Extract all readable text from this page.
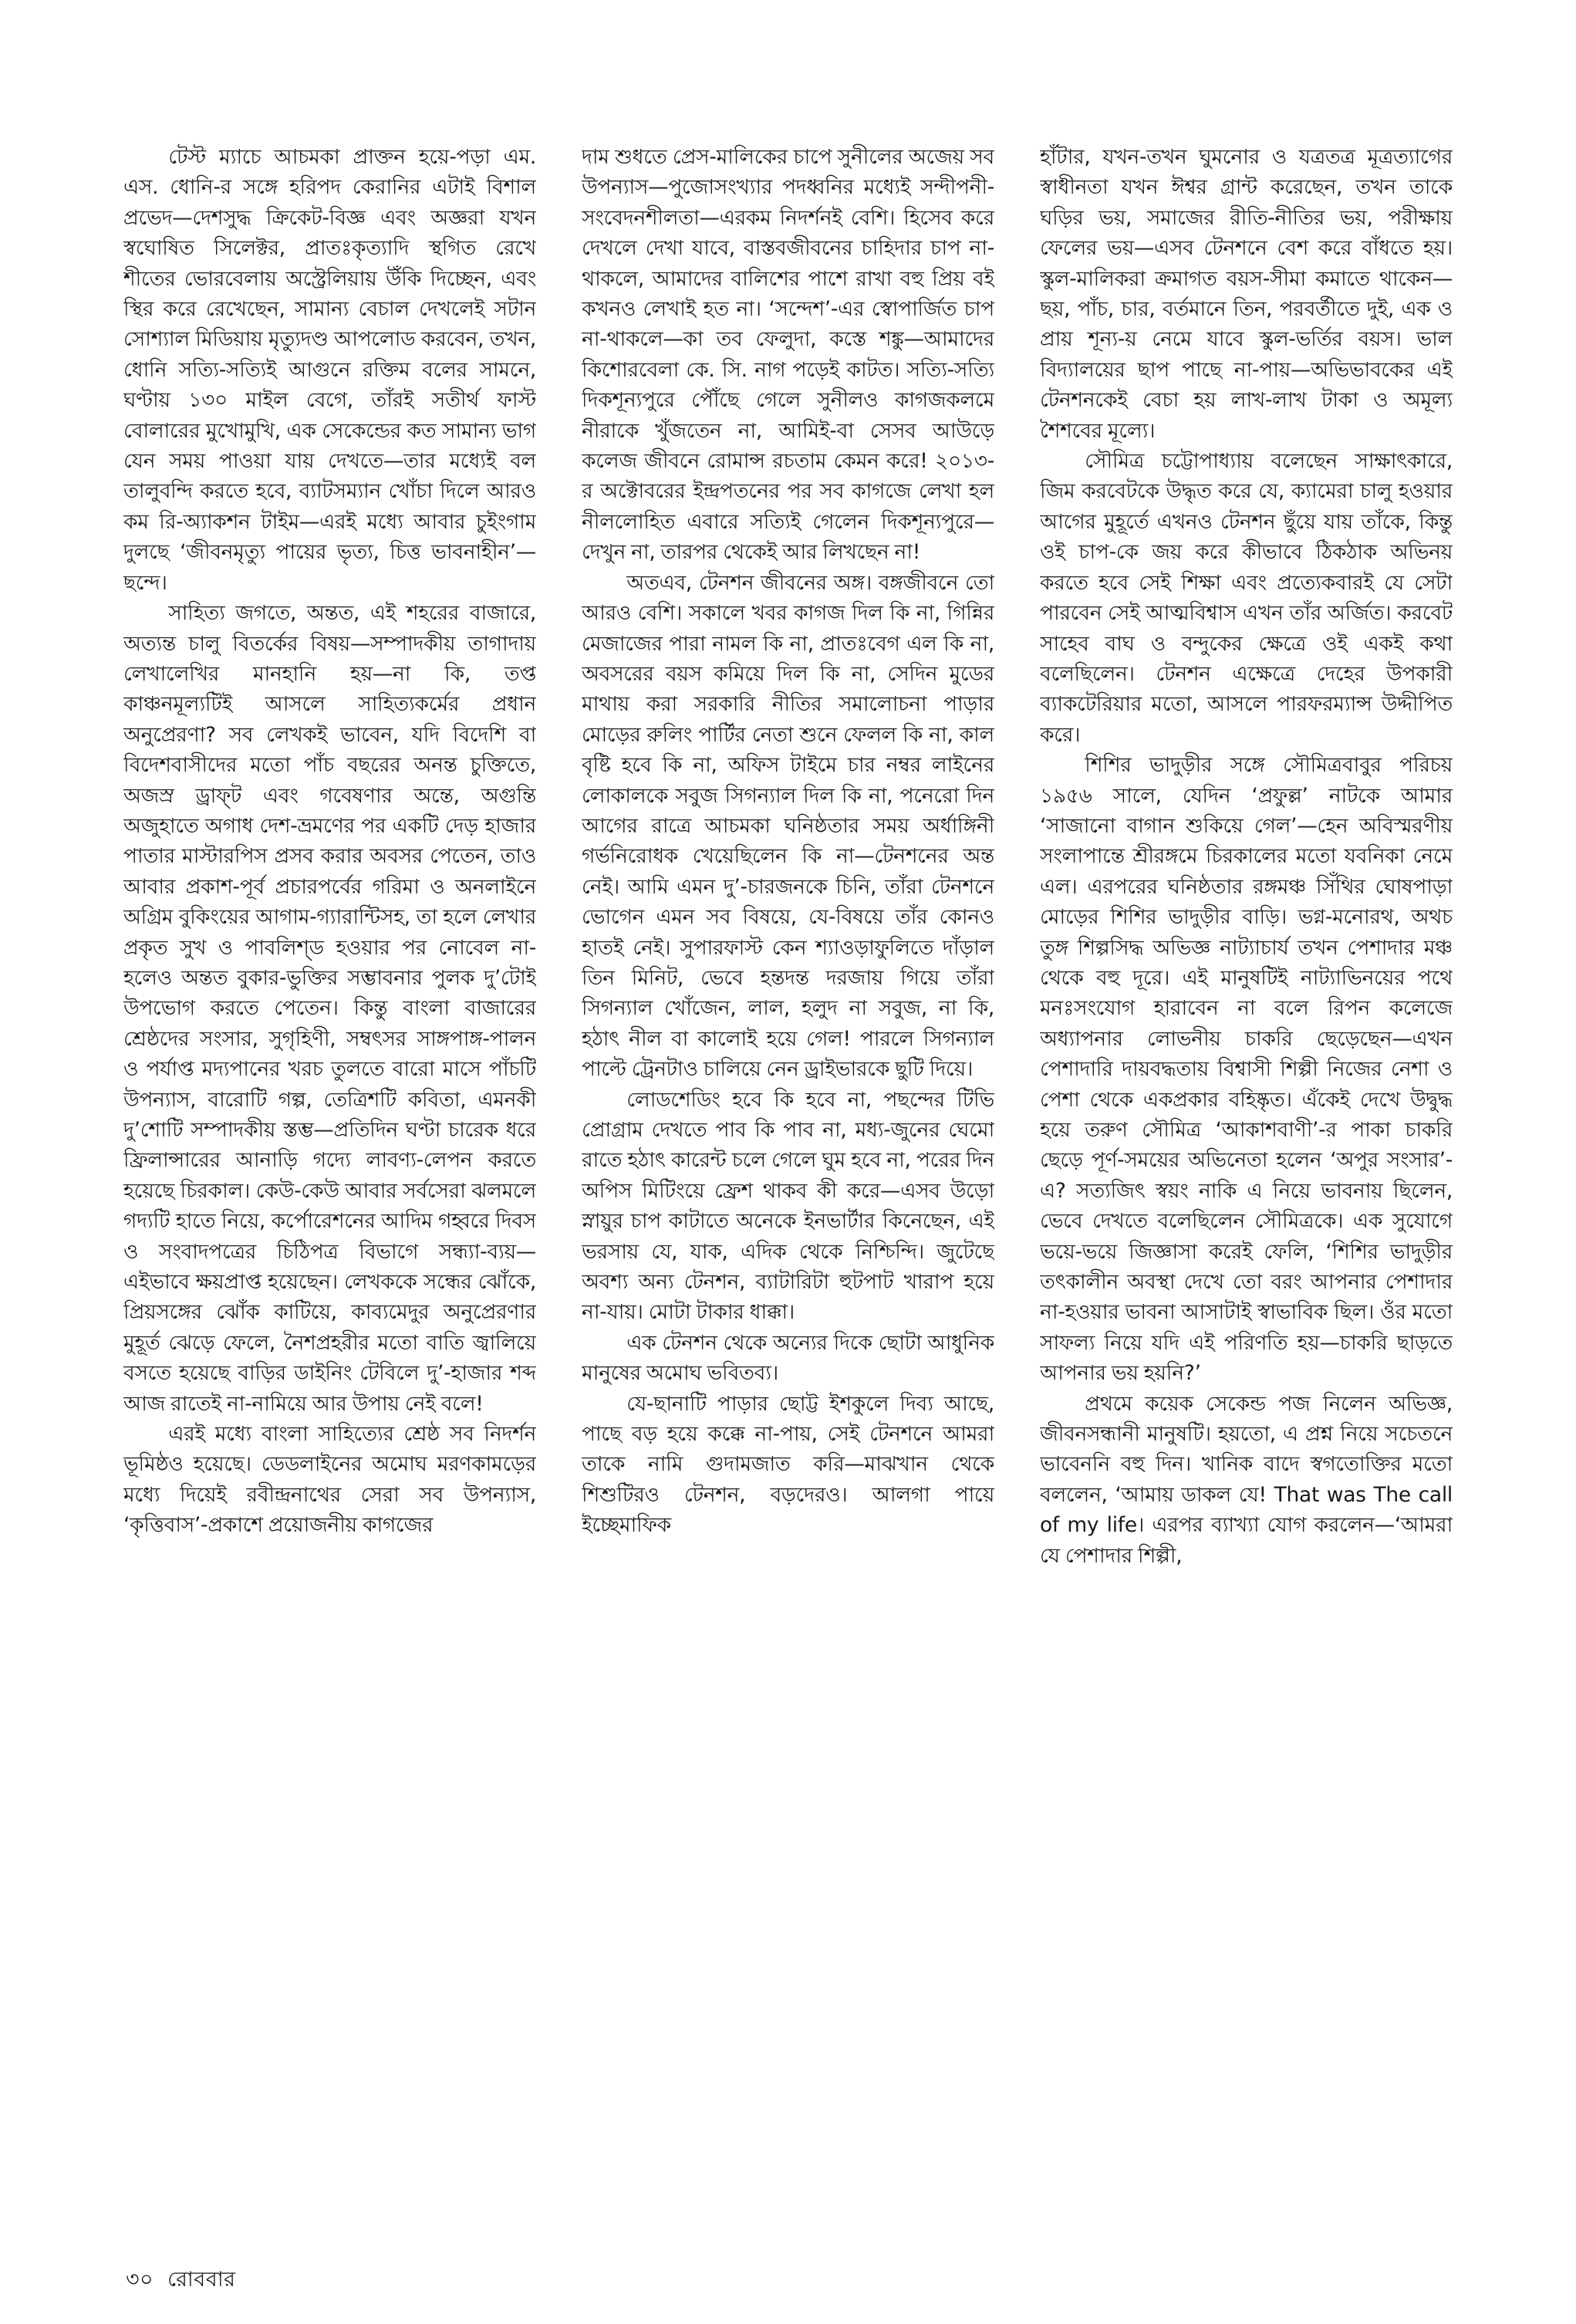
টেস্ট ম্যাচে আচমকা প্রাক্তন হয়ে-পড়া এম. এস. ধোনি-র সঙ্গে হরিপদ কেরানির এটাই বিশাল প্রভেদ—দেশসুদ্ধ ক্রিকেট-বিজ্ঞ এবং অজ্ঞরা যখন স্বঘোষিত সিলেক্টর, প্রাতঃকৃত্যাদি স্থগিত রেখে শীতের ভোরবেলায় অস্ট্রেলিয়ায় উঁকি দিচ্ছেন, এবং স্থির করে রেখেছেন, সামান্য বেচাল দেখলেই সটান সোশ্যাল মিডিয়ায় মৃত্যুদণ্ড আপলোড করবেন, তখন, ধোনি সত্যি-সত্যিই আগুনে রক্তিম বলের সামনে, ঘণ্টায় ১৩০ মাইল বেগে, তাঁরই সতীর্থ ফাস্ট বোলারের মুখোমুখি, এক সেকেন্ডের কত সামান্য ভাগ যেন সময় পাওয়া যায় দেখতে—তার মধ্যেই বল তালুবন্দি করতে হবে, ব্যাটসম্যান খোঁচা দিলে আরও কম রি-অ্যাকশন টাইম—এরই মধ্যে আবার চুইংগাম দুলছে ‘জীবনমৃত্যু পায়ের ভৃত্য, চিত্ত ভাবনাহীন’—ছন্দে।

সাহিত্য জগতে, অন্তত, এই শহরের বাজারে, অত্যন্ত চালু বিতর্কের বিষয়—সম্পাদকীয় তাগাদায় লেখালেখির মানহানি হয়—না কি, তপ্ত কাঞ্চনমূল্যটিই আসলে সাহিত্যকর্মের প্রধান অনুপ্রেরণা? সব লেখকই ভাবেন, যদি বিদেশি বা বিদেশবাসীদের মতো পাঁচ বছরের অনন্ত চুক্তিতে, অজস্র ড্রাফ্‌ট এবং গবেষণার অন্তে, অগুন্তি অজুহাতে অগাধ দেশ-ভ্রমণের পর একটি দেড় হাজার পাতার মাস্টারপিস প্রসব করার অবসর পেতেন, তাও আবার প্রকাশ-পূর্ব প্রচারপর্বের গরিমা ও অনলাইনে অগ্রিম বুকিংয়ের আগাম-গ্যারান্টিসহ, তা হলে লেখার প্রকৃত সুখ ও পাবলিশ্‌ড হওয়ার পর নোবেল না-হলেও অন্তত বুকার-ভুক্তির সম্ভাবনার পুলক দু’টোই উপভোগ করতে পেতেন। কিন্তু বাংলা বাজারের শ্রেষ্ঠদের সংসার, সুগৃহিণী, সম্বৎসর সাঙ্গপাঙ্গ-পালন ও পর্যাপ্ত মদ্যপানের খরচ তুলতে বারো মাসে পাঁচটি উপন্যাস, বারোটি গল্প, তেত্রিশটি কবিতা, এমনকী দু’শোটি সম্পাদকীয় স্তম্ভ—প্রতিদিন ঘণ্টা চারেক ধরে ফ্রিলান্সারের আনাড়ি গদ্যে লাবণ্য-লেপন করতে হয়েছে চিরকাল। কেউ-কেউ আবার সর্বসেরা ঝলমলে গদ্যটি হাতে নিয়ে, কর্পোরেশনের আদিম গহ্বরে দিবস ও সংবাদপত্রের চিঠিপত্র বিভাগে সন্ধ্যা-ব্যয়—এইভাবে ক্ষয়প্রাপ্ত হয়েছেন। লেখককে সন্ধের ঝোঁকে, প্রিয়সঙ্গের ঝোঁক কাটিয়ে, কাব্যমেদুর অনুপ্রেরণার মুহূর্ত ঝেড়ে ফেলে, নৈশপ্রহরীর মতো বাতি জ্বালিয়ে বসতে হয়েছে বাড়ির ডাইনিং টেবিলে দু’-হাজার শব্দ আজ রাতেই না-নামিয়ে আর উপায় নেই বলে!

এরই মধ্যে বাংলা সাহিত্যের শ্রেষ্ঠ সব নিদর্শন ভূমিষ্ঠও হয়েছে। ডেডলাইনের অমোঘ মরণকামড়ের মধ্যে দিয়েই রবীন্দ্রনাথের সেরা সব উপন্যাস, ‘কৃত্তিবাস’-প্রকাশে প্রয়োজনীয় কাগজের

দাম শুধতে প্রেস-মালিকের চাপে সুনীলের অজেয় সব উপন্যাস—পুজোসংখ্যার পদধ্বনির মধ্যেই সন্দীপনী-সংবেদনশীলতা—এরকম নিদর্শনই বেশি। হিসেব করে দেখলে দেখা যাবে, বাস্তবজীবনের চাহিদার চাপ না-থাকলে, আমাদের বালিশের পাশে রাখা বহু প্রিয় বই কখনও লেখাই হত না। ‘সন্দেশ’-এর স্বোপার্জিত চাপ না-থাকলে—কা তব ফেলুদা, কস্তে শঙ্কু—আমাদের কিশোরবেলা কে. সি. নাগ পড়েই কাটত। সত্যি-সত্যি দিকশূন্যপুরে পৌঁছে গেলে সুনীলও কাগজকলমে নীরাকে খুঁজতেন না, আমিই-বা সেসব আউড়ে কলেজ জীবনে রোমান্স রচতাম কেমন করে! ২০১৩-র অক্টোবরের ইন্দ্রপতনের পর সব কাগজে লেখা হল নীললোহিত এবারে সত্যিই গেলেন দিকশূন্যপুরে—দেখুন না, তারপর থেকেই আর লিখছেন না!

অতএব, টেনশন জীবনের অঙ্গ। বঙ্গজীবনে তো আরও বেশি। সকালে খবর কাগজ দিল কি না, গিন্নির মেজাজের পারা নামল কি না, প্রাতঃবেগ এল কি না, অবসরের বয়স কমিয়ে দিল কি না, সেদিন মুডের মাথায় করা সরকারি নীতির সমালোচনা পাড়ার মোড়ের রুলিং পার্টির নেতা শুনে ফেলল কি না, কাল বৃষ্টি হবে কি না, অফিস টাইমে চার নম্বর লাইনের লোকালকে সবুজ সিগন্যাল দিল কি না, পনেরো দিন আগের রাত্রে আচমকা ঘনিষ্ঠতার সময় অর্ধাঙ্গিনী গর্ভনিরোধক খেয়েছিলেন কি না—টেনশনের অন্ত নেই। আমি এমন দু’-চারজনকে চিনি, তাঁরা টেনশনে ভোগেন এমন সব বিষয়ে, যে-বিষয়ে তাঁর কোনও হাতই নেই। সুপারফাস্ট কেন শ্যাওড়াফুলিতে দাঁড়াল তিন মিনিট, ভেবে হন্তদন্ত দরজায় গিয়ে তাঁরা সিগন্যাল খোঁজেন, লাল, হলুদ না সবুজ, না কি, হঠাৎ নীল বা কালোই হয়ে গেল! পারলে সিগন্যাল পাল্টে ট্রেনটাও চালিয়ে নেন ড্রাইভারকে ছুটি দিয়ে।

লোডশেডিং হবে কি হবে না, পছন্দের টিভি প্রোগ্রাম দেখতে পাব কি পাব না, মধ্য-জুনের ঘেমো রাতে হঠাৎ কারেন্ট চলে গেলে ঘুম হবে না, পরের দিন অপিস মিটিংয়ে ফ্রেশ থাকব কী করে—এসব উড়ো স্নায়ুর চাপ কাটাতে অনেকে ইনভার্টার কিনেছেন, এই ভরসায় যে, যাক, এদিক থেকে নিশ্চিন্দি। জুটেছে অবশ্য অন্য টেনশন, ব্যাটারিটা হুটপাট খারাপ হয়ে না-যায়। মোটা টাকার ধাক্কা।

এক টেনশন থেকে অন্যের দিকে ছোটা আধুনিক মানুষের অমোঘ ভবিতব্য।

যে-ছানাটি পাড়ার ছোট্ট ইশকুলে দিব্য আছে, পাছে বড় হয়ে কক্কে না-পায়, সেই টেনশনে আমরা তাকে নামি গুদামজাত করি—মাঝখান থেকে শিশুটিরও টেনশন, বড়দেরও। আলগা পায়ে ইচ্ছেমাফিক

হাঁটার, যখন-তখন ঘুমনোর ও যত্রতত্র মূত্রত্যাগের স্বাধীনতা যখন ঈশ্বর গ্রান্ট করেছেন, তখন তাকে ঘড়ির ভয়, সমাজের রীতি-নীতির ভয়, পরীক্ষায় ফেলের ভয়—এসব টেনশনে বেশ করে বাঁধতে হয়। স্কুল-মালিকরা ক্রমাগত বয়স-সীমা কমাতে থাকেন—ছয়, পাঁচ, চার, বর্তমানে তিন, পরবর্তীতে দুই, এক ও প্রায় শূন্য-য় নেমে যাবে স্কুল-ভর্তির বয়স। ভাল বিদ্যালয়ের ছাপ পাছে না-পায়—অভিভাবকের এই টেনশনকেই বেচা হয় লাখ-লাখ টাকা ও অমূল্য শৈশবের মূল্যে।

সৌমিত্র চট্টোপাধ্যায় বলেছেন সাক্ষাৎকারে, জিম করবেটকে উদ্ধৃত করে যে, ক্যামেরা চালু হওয়ার আগের মুহূর্তে এখনও টেনশন ছুঁয়ে যায় তাঁকে, কিন্তু ওই চাপ-কে জয় করে কীভাবে ঠিকঠাক অভিনয় করতে হবে সেই শিক্ষা এবং প্রত্যেকবারই যে সেটা পারবেন সেই আত্মবিশ্বাস এখন তাঁর অর্জিত। করবেট সাহেব বাঘ ও বন্দুকের ক্ষেত্রে ওই একই কথা বলেছিলেন। টেনশন এক্ষেত্রে দেহের উপকারী ব্যাকটেরিয়ার মতো, আসলে পারফরম্যান্স উদ্দীপিত করে।

শিশির ভাদুড়ীর সঙ্গে সৌমিত্রবাবুর পরিচয় ১৯৫৬ সালে, যেদিন ‘প্রফুল্ল’ নাটকে আমার ‘সাজানো বাগান শুকিয়ে গেল’—হেন অবিস্মরণীয় সংলাপান্তে শ্রীরঙ্গমে চিরকালের মতো যবনিকা নেমে এল। এরপরের ঘনিষ্ঠতার রঙ্গমঞ্চ সিঁথির ঘোষপাড়া মোড়ের শিশির ভাদুড়ীর বাড়ি। ভগ্ন-মনোরথ, অথচ তুঙ্গ শিল্পসিদ্ধ অভিজ্ঞ নাট্যাচার্য তখন পেশাদার মঞ্চ থেকে বহু দূরে। এই মানুষটিই নাট্যাভিনয়ের পথে মনঃসংযোগ হারাবেন না বলে রিপন কলেজে অধ্যাপনার লোভনীয় চাকরি ছেড়েছেন—এখন পেশাদারি দায়বদ্ধতায় বিশ্বাসী শিল্পী নিজের নেশা ও পেশা থেকে একপ্রকার বহিষ্কৃত। এঁকেই দেখে উদ্বুদ্ধ হয়ে তরুণ সৌমিত্র ‘আকাশবাণী’-র পাকা চাকরি ছেড়ে পূর্ণ-সময়ের অভিনেতা হলেন ‘অপুর সংসার’-এ? সত্যজিৎ স্বয়ং নাকি এ নিয়ে ভাবনায় ছিলেন, ভেবে দেখতে বলেছিলেন সৌমিত্রকে। এক সুযোগে ভয়ে-ভয়ে জিজ্ঞাসা করেই ফেলি, ‘শিশির ভাদুড়ীর তৎকালীন অবস্থা দেখে তো বরং আপনার পেশাদার না-হওয়ার ভাবনা আসাটাই স্বাভাবিক ছিল। ওঁর মতো সাফল্য নিয়ে যদি এই পরিণতি হয়—চাকরি ছাড়তে আপনার ভয় হয়নি?’

প্রথমে কয়েক সেকেন্ড পজ নিলেন অভিজ্ঞ, জীবনসন্ধানী মানুষটি। হয়তো, এ প্রশ্ন নিয়ে সচেতনে ভাবেননি বহু দিন। খানিক বাদে স্বগতোক্তির মতো বললেন, ‘আমায় ডাকল যে! That was The call of my life। এরপর ব্যাখ্যা যোগ করলেন—‘আমরা যে পেশাদার শিল্পী,

৩০ রোববার
